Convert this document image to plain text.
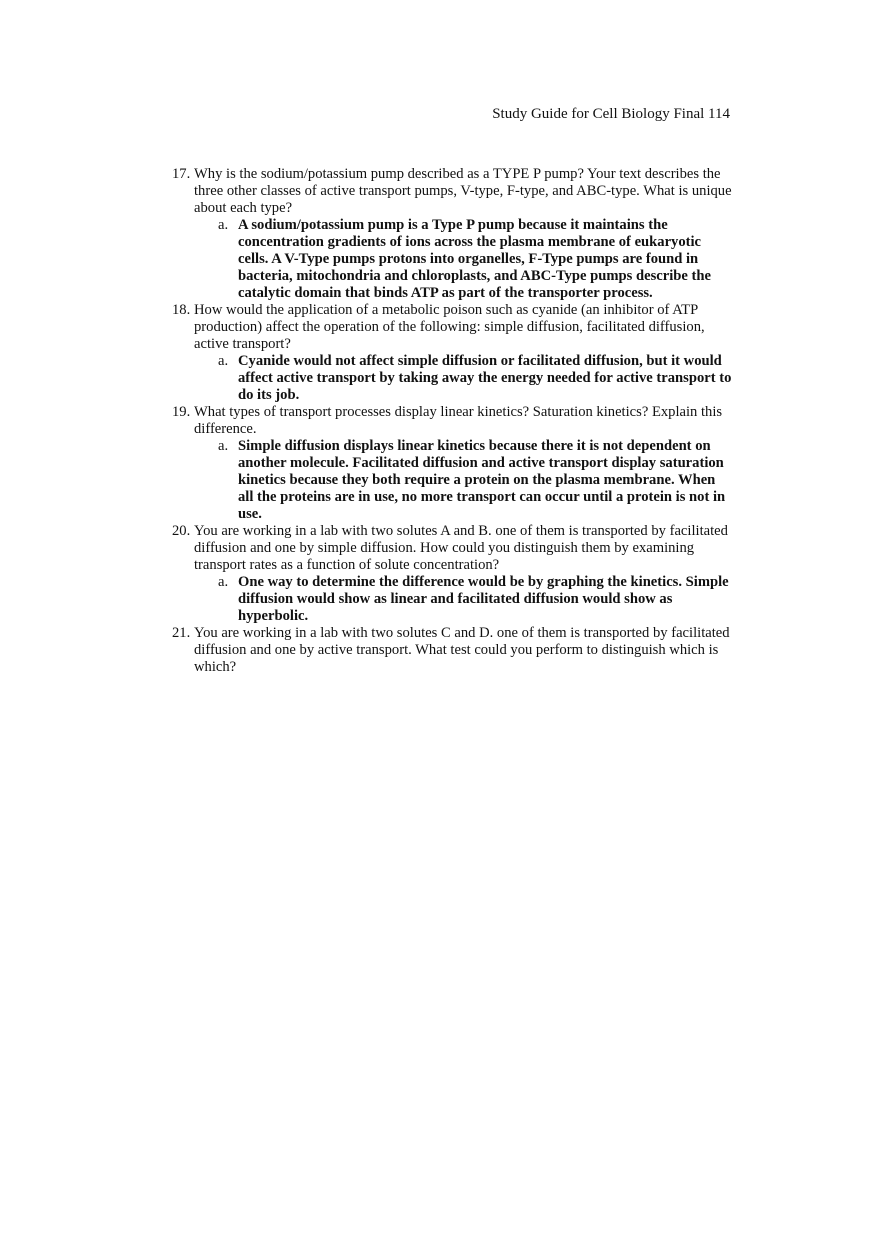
Study Guide for Cell Biology Final 114
17. Why is the sodium/potassium pump described as a TYPE P pump? Your text describes the three other classes of active transport pumps, V-type, F-type, and ABC-type. What is unique about each type?
a. A sodium/potassium pump is a Type P pump because it maintains the concentration gradients of ions across the plasma membrane of eukaryotic cells. A V-Type pumps protons into organelles, F-Type pumps are found in bacteria, mitochondria and chloroplasts, and ABC-Type pumps describe the catalytic domain that binds ATP as part of the transporter process.
18. How would the application of a metabolic poison such as cyanide (an inhibitor of ATP production) affect the operation of the following: simple diffusion, facilitated diffusion, active transport?
a. Cyanide would not affect simple diffusion or facilitated diffusion, but it would affect active transport by taking away the energy needed for active transport to do its job.
19. What types of transport processes display linear kinetics? Saturation kinetics? Explain this difference.
a. Simple diffusion displays linear kinetics because there it is not dependent on another molecule. Facilitated diffusion and active transport display saturation kinetics because they both require a protein on the plasma membrane. When all the proteins are in use, no more transport can occur until a protein is not in use.
20. You are working in a lab with two solutes A and B. one of them is transported by facilitated diffusion and one by simple diffusion. How could you distinguish them by examining transport rates as a function of solute concentration?
a. One way to determine the difference would be by graphing the kinetics. Simple diffusion would show as linear and facilitated diffusion would show as hyperbolic.
21. You are working in a lab with two solutes C and D. one of them is transported by facilitated diffusion and one by active transport. What test could you perform to distinguish which is which?
